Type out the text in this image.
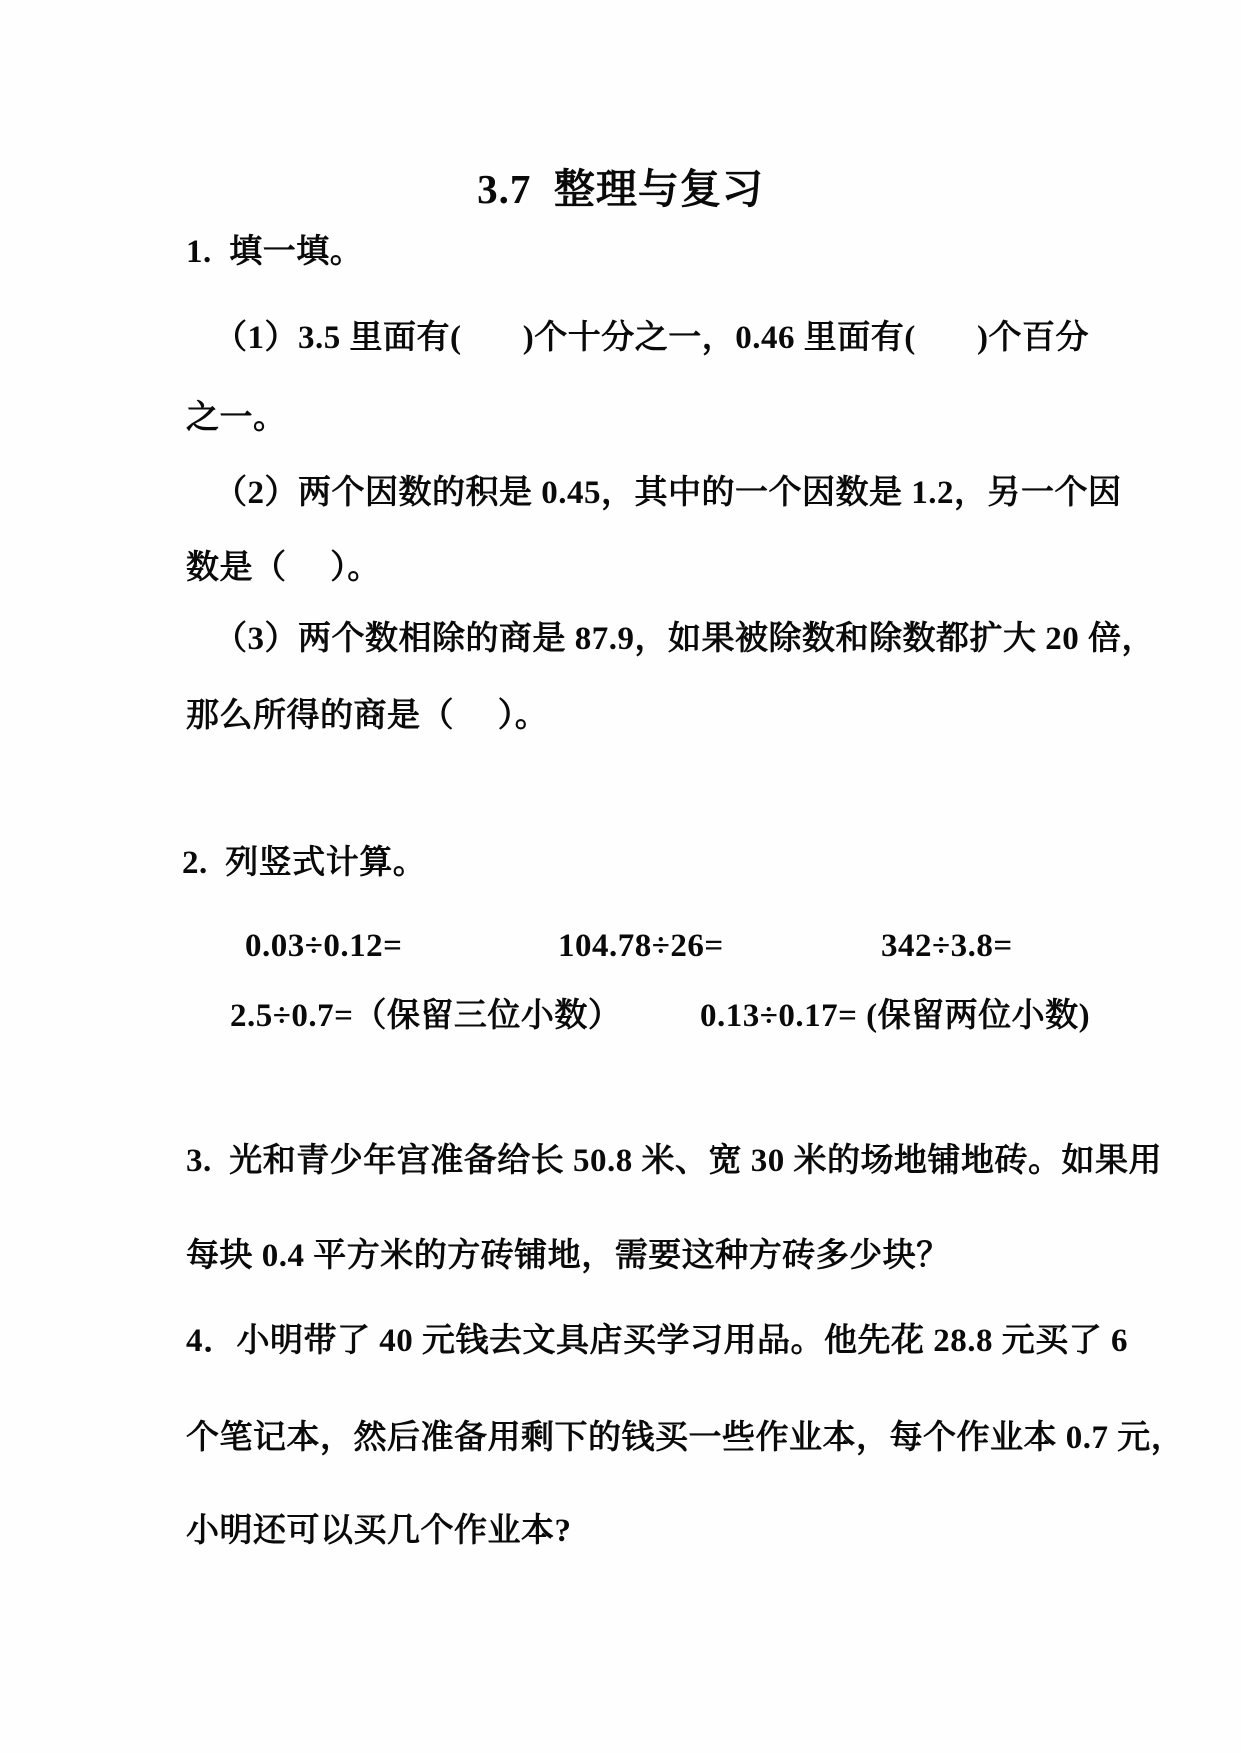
3.7  整理与复习
1.  填一填。
（1）3.5 里面有(       )个十分之一，0.46 里面有(       )个百分
之一。
（2）两个因数的积是 0.45，其中的一个因数是 1.2，另一个因
数是（     ）。
（3）两个数相除的商是 87.9，如果被除数和除数都扩大 20 倍，
那么所得的商是（     ）。
2.  列竖式计算。
0.03÷0.12=	104.78÷26=	342÷3.8=
2.5÷0.7=（保留三位小数） 0.13÷0.17= (保留两位小数)
3.  光和青少年宫准备给长 50.8 米、宽 30 米的场地铺地砖。如果用
每块 0.4 平方米的方砖铺地，需要这种方砖多少块？
4．小明带了 40 元钱去文具店买学习用品。他先花 28.8 元买了 6
个笔记本，然后准备用剩下的钱买一些作业本，每个作业本 0.7 元，
小明还可以买几个作业本?
